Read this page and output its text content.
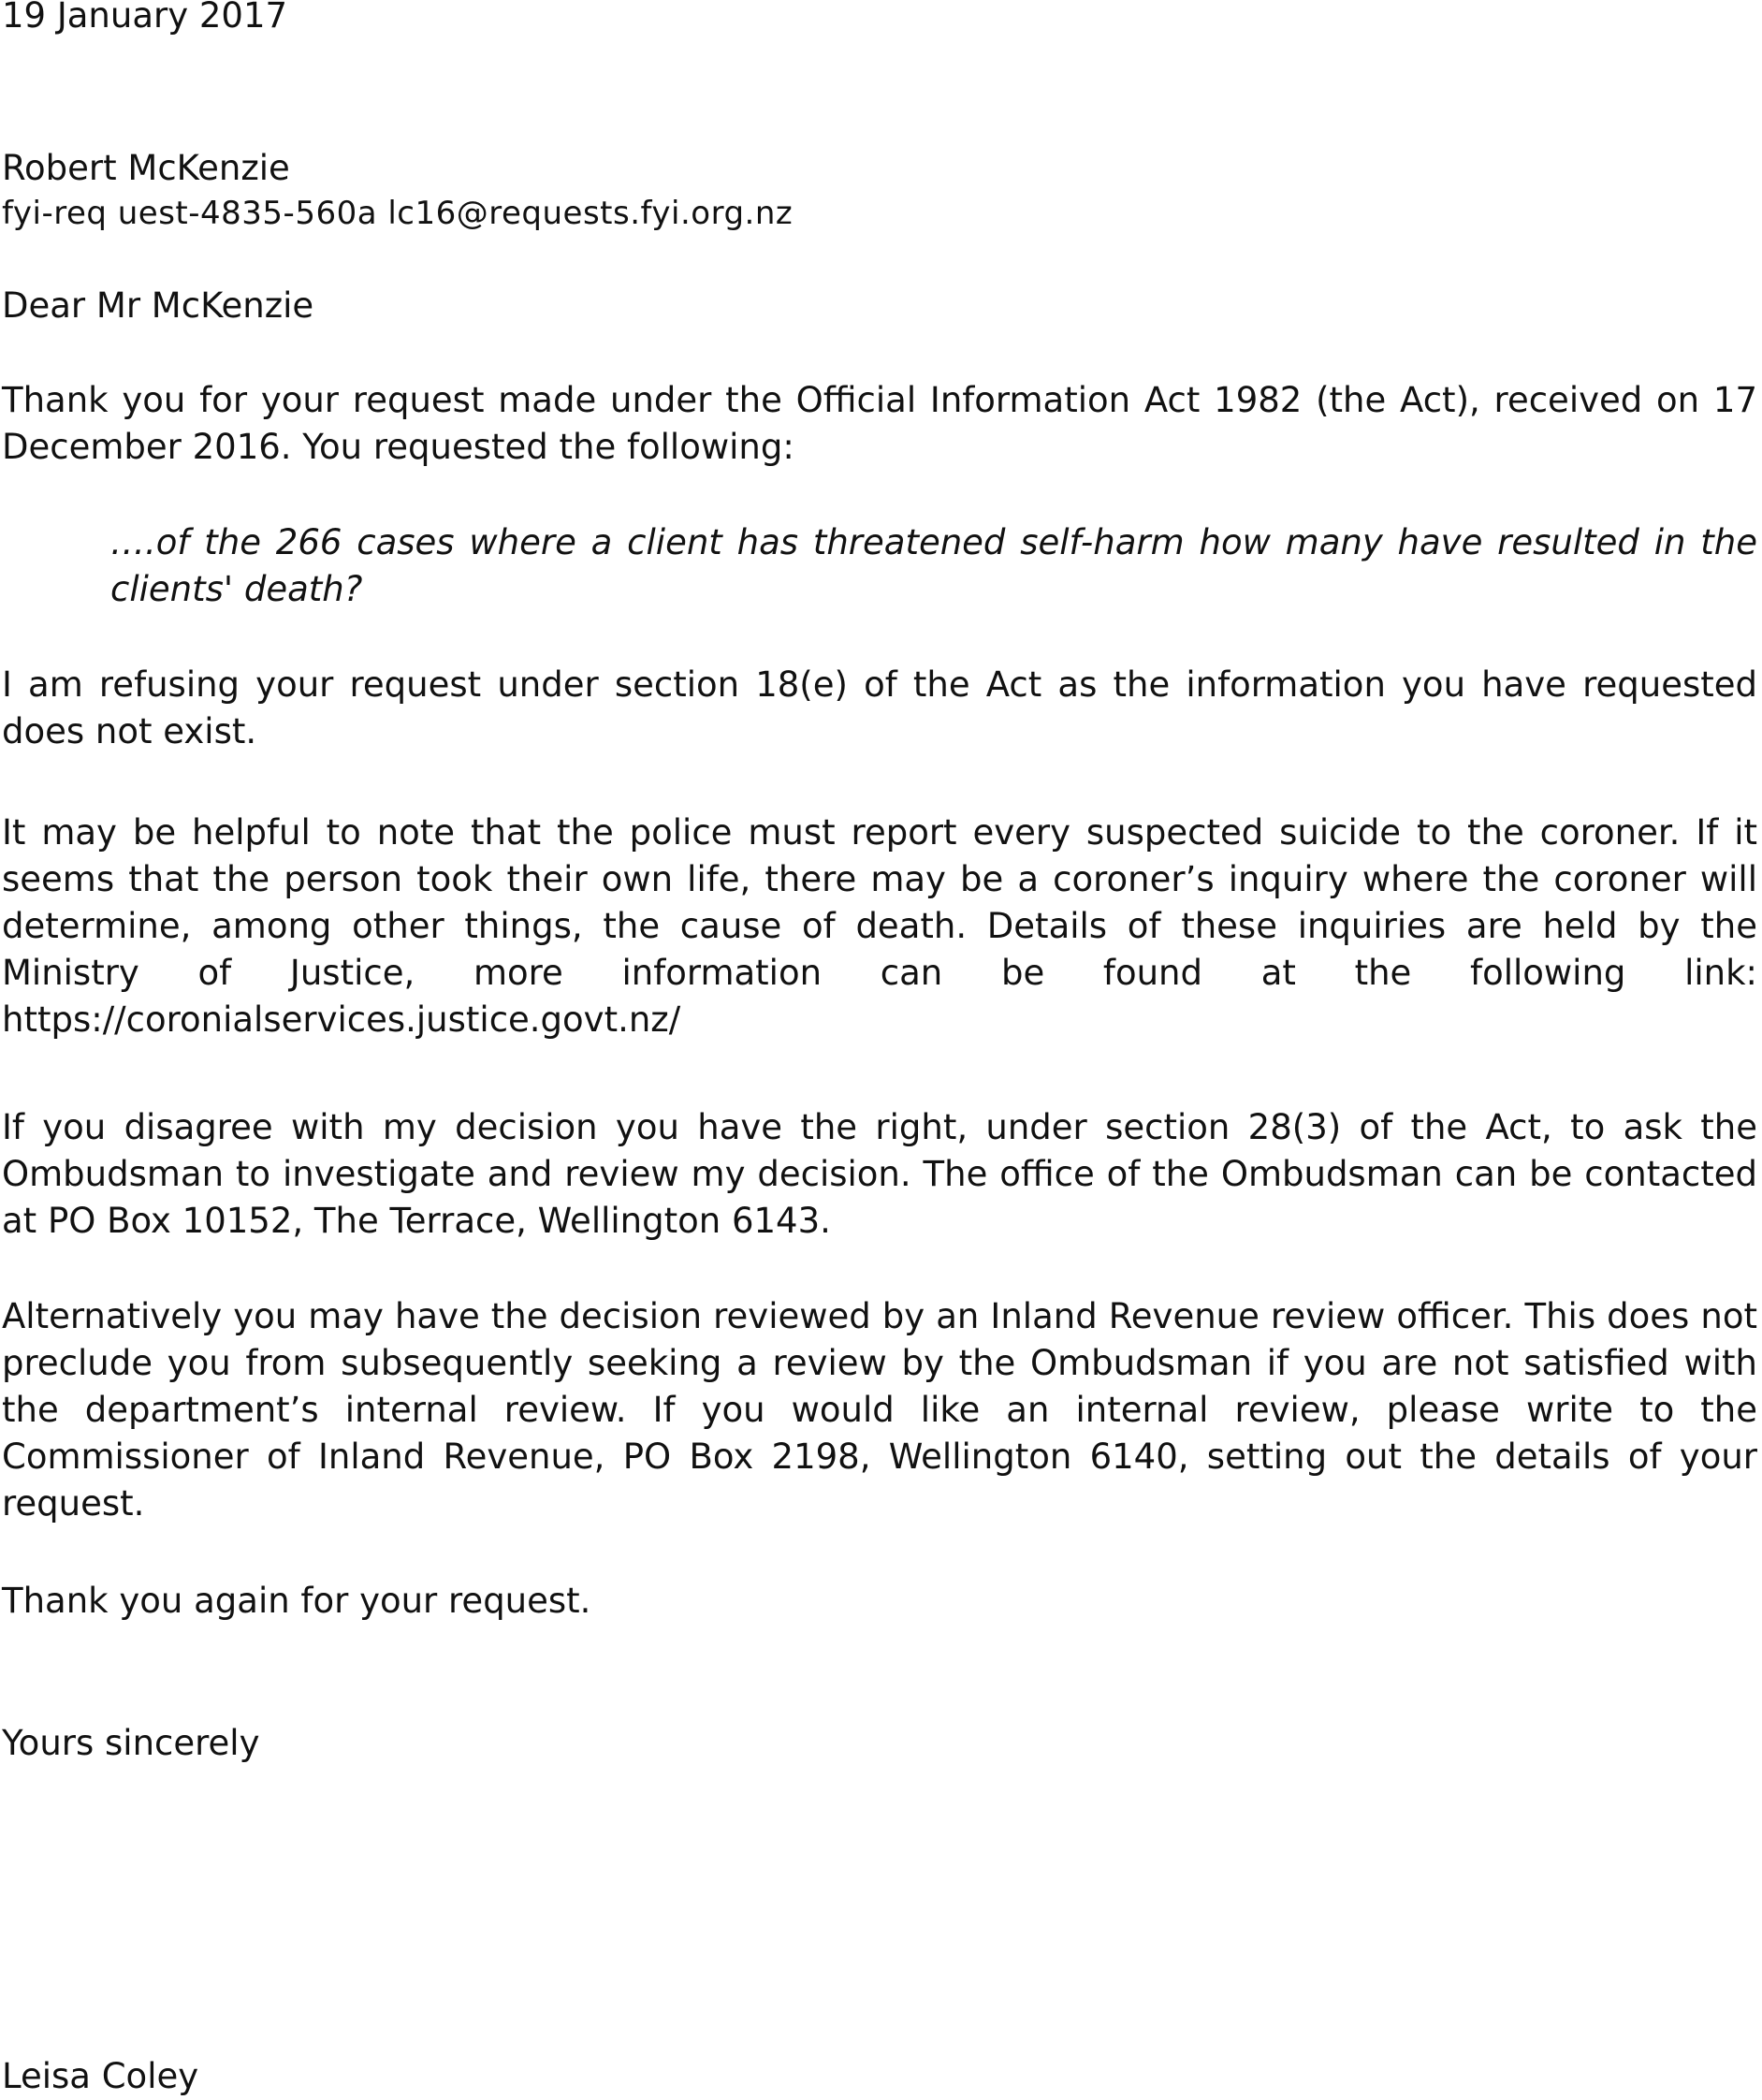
19 January 2017

Robert McKenzie

fyi-req uest-4835-560a lc16@requests.fyi.org.nz

Dear Mr McKenzie

Thank you for your request made under the Official Information Act 1982 (the Act), received on 17 December 2016. You requested the following:

….of the 266 cases where a client has threatened self-harm how many have resulted in the clients' death?

I am refusing your request under section 18(e) of the Act as the information you have requested does not exist.

It may be helpful to note that the police must report every suspected suicide to the coroner. If it seems that the person took their own life, there may be a coroner’s inquiry where the coroner will determine, among other things, the cause of death. Details of these inquiries are held by the Ministry of Justice, more information can be found at the following link: https://coronialservices.justice.govt.nz/

If you disagree with my decision you have the right, under section 28(3) of the Act, to ask the Ombudsman to investigate and review my decision. The office of the Ombudsman can be contacted at PO Box 10152, The Terrace, Wellington 6143.

Alternatively you may have the decision reviewed by an Inland Revenue review officer. This does not preclude you from subsequently seeking a review by the Ombudsman if you are not satisfied with the department’s internal review. If you would like an internal review, please write to the Commissioner of Inland Revenue, PO Box 2198, Wellington 6140, setting out the details of your request.

Thank you again for your request.

Yours sincerely

Leisa Coley
